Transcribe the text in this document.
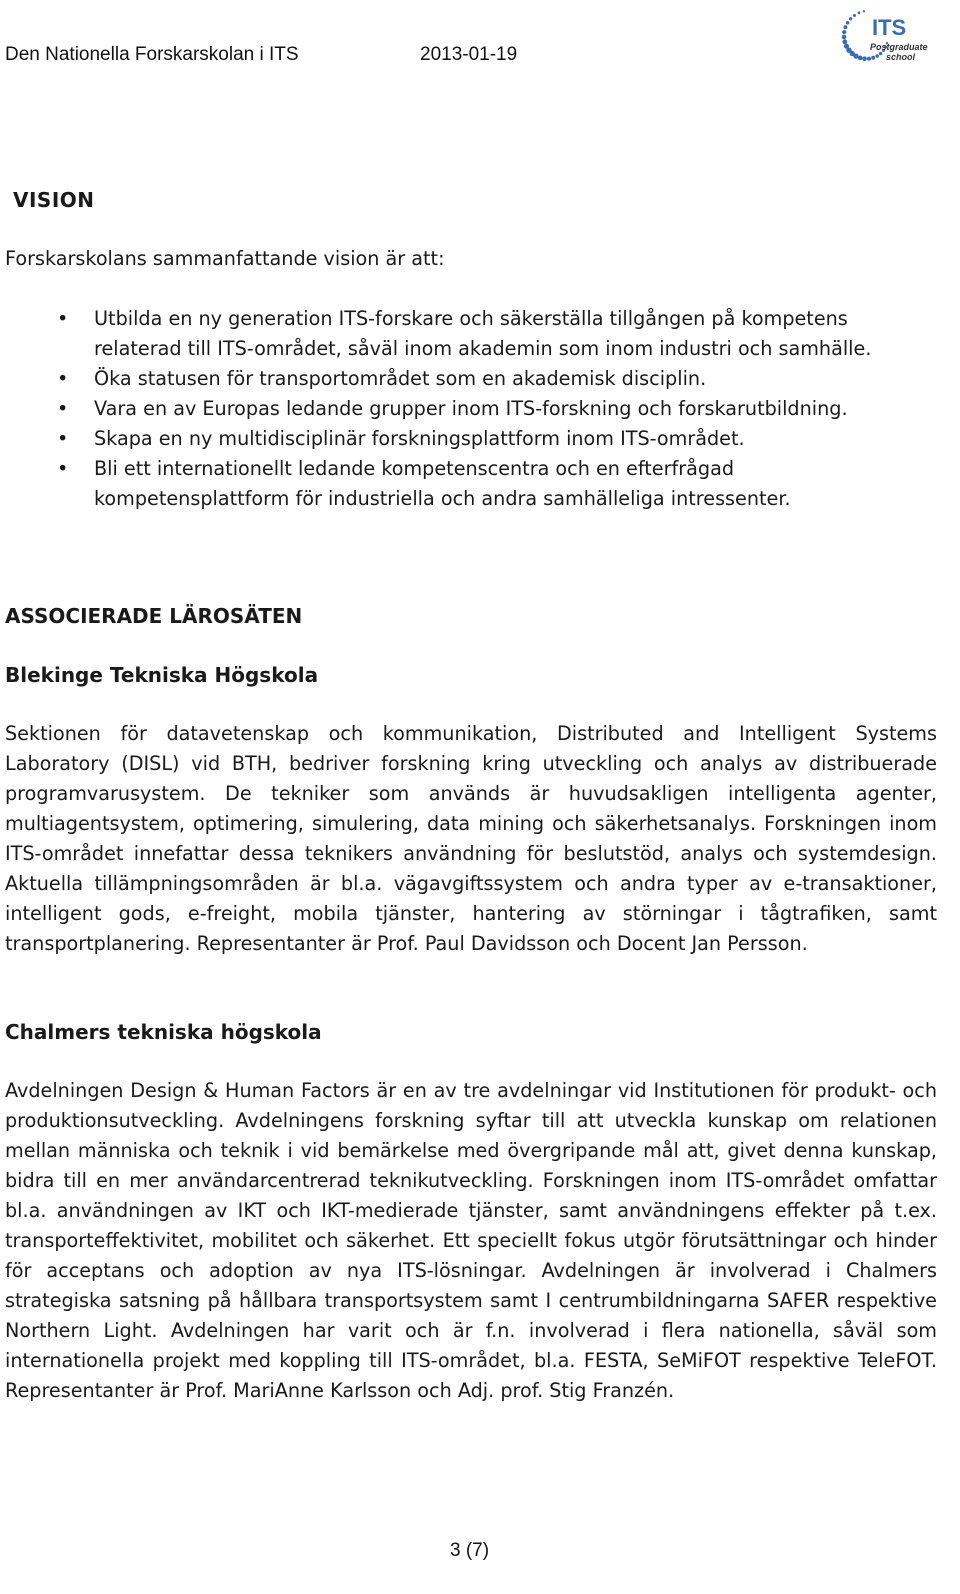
Den Nationella Forskarskolan i ITS	2013-01-19
ITS
Postgraduate
school
VISION

Forskarskolans sammanfattande vision är att:

• Utbilda en ny generation ITS-forskare och säkerställa tillgången på kompetens relaterad till ITS-området, såväl inom akademin som inom industri och samhälle.
• Öka statusen för transportområdet som en akademisk disciplin.
• Vara en av Europas ledande grupper inom ITS-forskning och forskarutbildning.
• Skapa en ny multidisciplinär forskningsplattform inom ITS-området.
• Bli ett internationellt ledande kompetenscentra och en efterfrågad kompetensplattform för industriella och andra samhälleliga intressenter.
ASSOCIERADE LÄROSÄTEN
Blekinge Tekniska Högskola

Sektionen för datavetenskap och kommunikation, Distributed and Intelligent Systems Laboratory (DISL) vid BTH, bedriver forskning kring utveckling och analys av distribuerade programvarusystem. De tekniker som används är huvudsakligen intelligenta agenter, multiagentsystem, optimering, simulering, data mining och säkerhetsanalys. Forskningen inom ITS-området innefattar dessa teknikers användning för beslutstöd, analys och systemdesign. Aktuella tillämpningsområden är bl.a. vägavgiftssystem och andra typer av e-transaktioner, intelligent gods, e-freight, mobila tjänster, hantering av störningar i tågtrafiken, samt transportplanering. Representanter är Prof. Paul Davidsson och Docent Jan Persson.

Chalmers tekniska högskola

Avdelningen Design & Human Factors är en av tre avdelningar vid Institutionen för produkt- och produktionsutveckling. Avdelningens forskning syftar till att utveckla kunskap om relationen mellan människa och teknik i vid bemärkelse med övergripande mål att, givet denna kunskap, bidra till en mer användarcentrerad teknikutveckling. Forskningen inom ITS-området omfattar bl.a. användningen av IKT och IKT-medierade tjänster, samt användningens effekter på t.ex. transporteffektivitet, mobilitet och säkerhet. Ett speciellt fokus utgör förutsättningar och hinder för acceptans och adoption av nya ITS-lösningar. Avdelningen är involverad i Chalmers strategiska satsning på hållbara transportsystem samt I centrumbildningarna SAFER respektive Northern Light. Avdelningen har varit och är f.n. involverad i flera nationella, såväl som internationella projekt med koppling till ITS-området, bl.a. FESTA, SeMiFOT respektive TeleFOT. Representanter är Prof. MariAnne Karlsson och Adj. prof. Stig Franzén.

3 (7)
